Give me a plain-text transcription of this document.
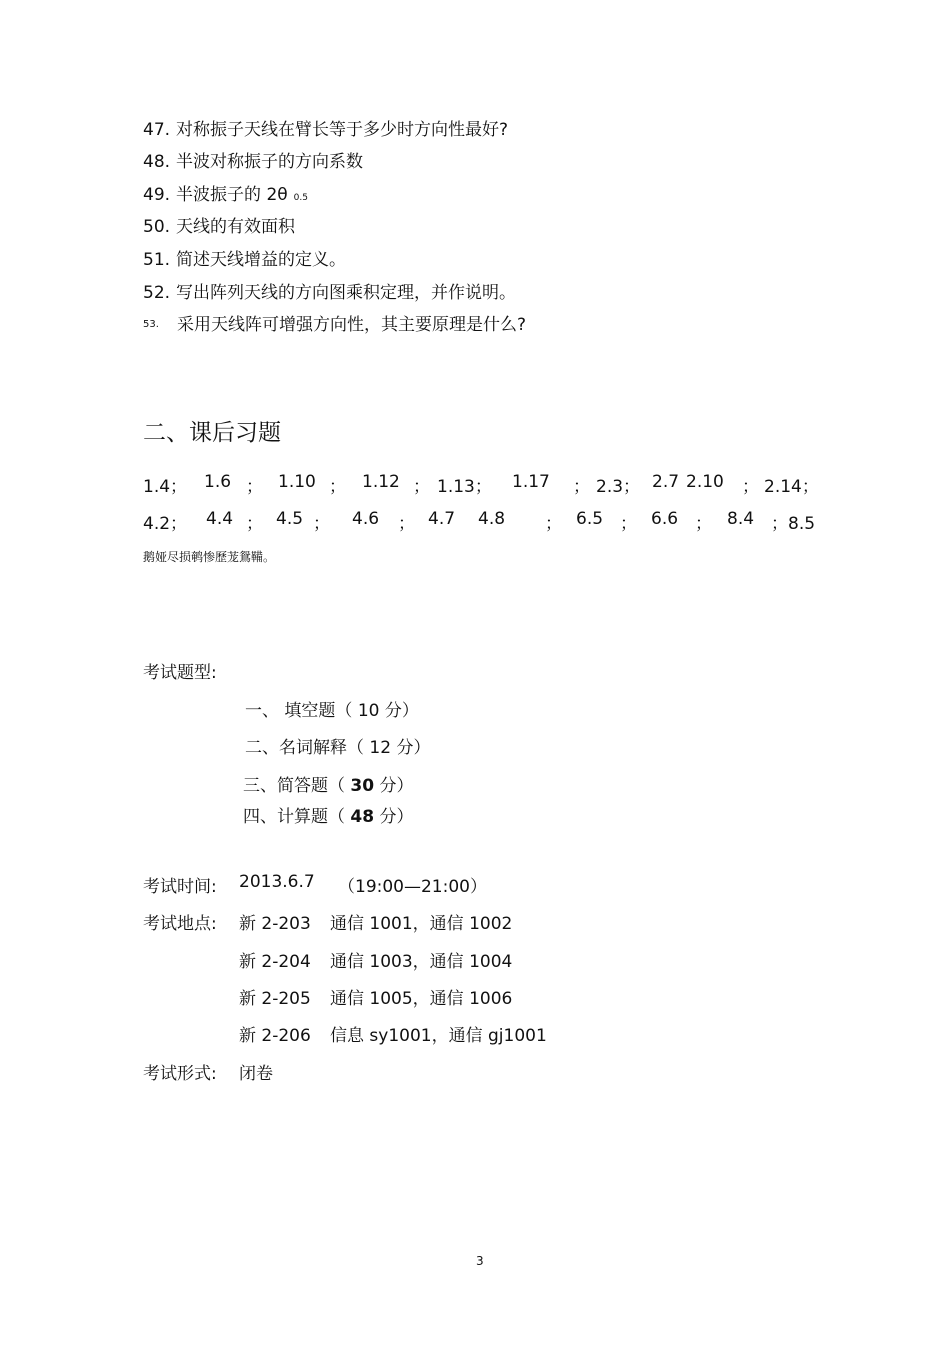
47. 对称振子天线在臂长等于多少时方向性最好?
48. 半波对称振子的方向系数
49. 半波振子的 2θ 0.5
50. 天线的有效面积
51. 简述天线增益的定义。
52. 写出阵列天线的方向图乘积定理，并作说明。
53. 采用天线阵可增强方向性，其主要原理是什么?
二、课后习题
1.4； 1.6 ； 1.10 ； 1.12 ； 1.13； 1.17 ； 2.3； 2.7 2.10 ； 2.14；
4.2； 4.4 ； 4.5 ； 4.6 ； 4.7 4.8 ； 6.5 ； 6.6 ； 8.4 ；8.5
鹅娅尽损鹌惨歷茏鴛鞴。
考试题型:
一、 填空题（ 10 分）
二、名词解释（ 12 分）
三、简答题（ 30 分）
四、计算题（ 48 分）
考试时间: 2013.6.7 （19:00—21:00）
考试地点: 新 2-203 通信 1001，通信 1002
新 2-204 通信 1003，通信 1004
新 2-205 通信 1005，通信 1006
新 2-206 信息 sy1001，通信 gj1001
考试形式: 闭卷
3
